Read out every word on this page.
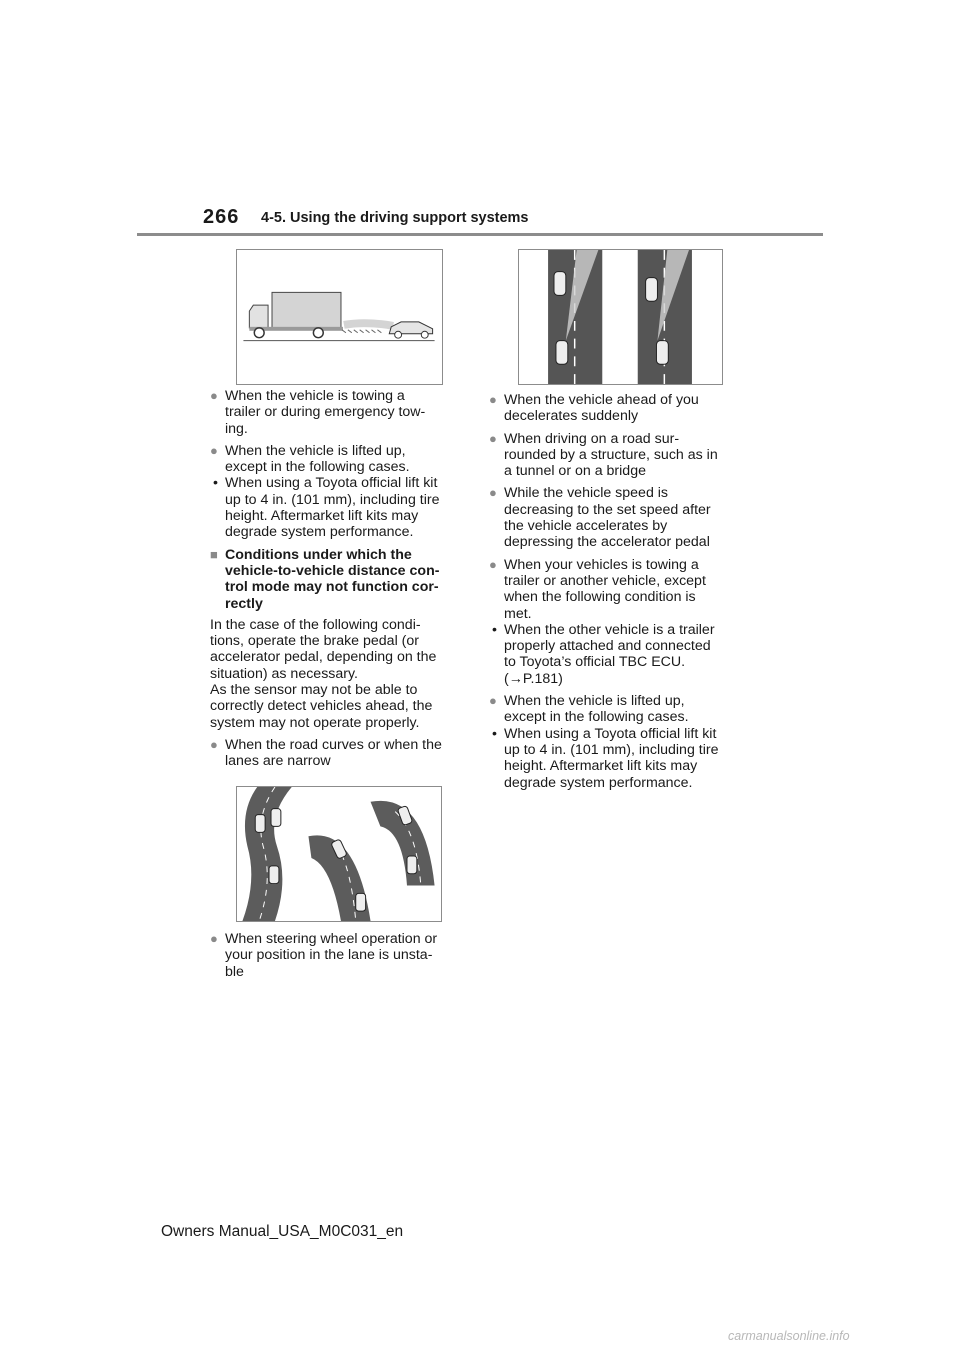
266 4-5. Using the driving support systems
● When the vehicle is towing a
trailer or during emergency tow-
ing.
● When the vehicle is lifted up,
except in the following cases.
• When using a Toyota official lift kit
up to 4 in. (101 mm), including tire
height. Aftermarket lift kits may
degrade system performance.
■ Conditions under which the
vehicle-to-vehicle distance con-
trol mode may not function cor-
rectly
In the case of the following condi-
tions, operate the brake pedal (or
accelerator pedal, depending on the
situation) as necessary.
As the sensor may not be able to
correctly detect vehicles ahead, the
system may not operate properly.
● When the road curves or when the
lanes are narrow
● When steering wheel operation or
your position in the lane is unsta-
ble
● When the vehicle ahead of you
decelerates suddenly
● When driving on a road sur-
rounded by a structure, such as in
a tunnel or on a bridge
● While the vehicle speed is
decreasing to the set speed after
the vehicle accelerates by
depressing the accelerator pedal
● When your vehicles is towing a
trailer or another vehicle, except
when the following condition is
met.
• When the other vehicle is a trailer
properly attached and connected
to Toyota’s official TBC ECU.
(→P.181)
● When the vehicle is lifted up,
except in the following cases.
• When using a Toyota official lift kit
up to 4 in. (101 mm), including tire
height. Aftermarket lift kits may
degrade system performance.
Owners Manual_USA_M0C031_en
carmanualsonline.info
